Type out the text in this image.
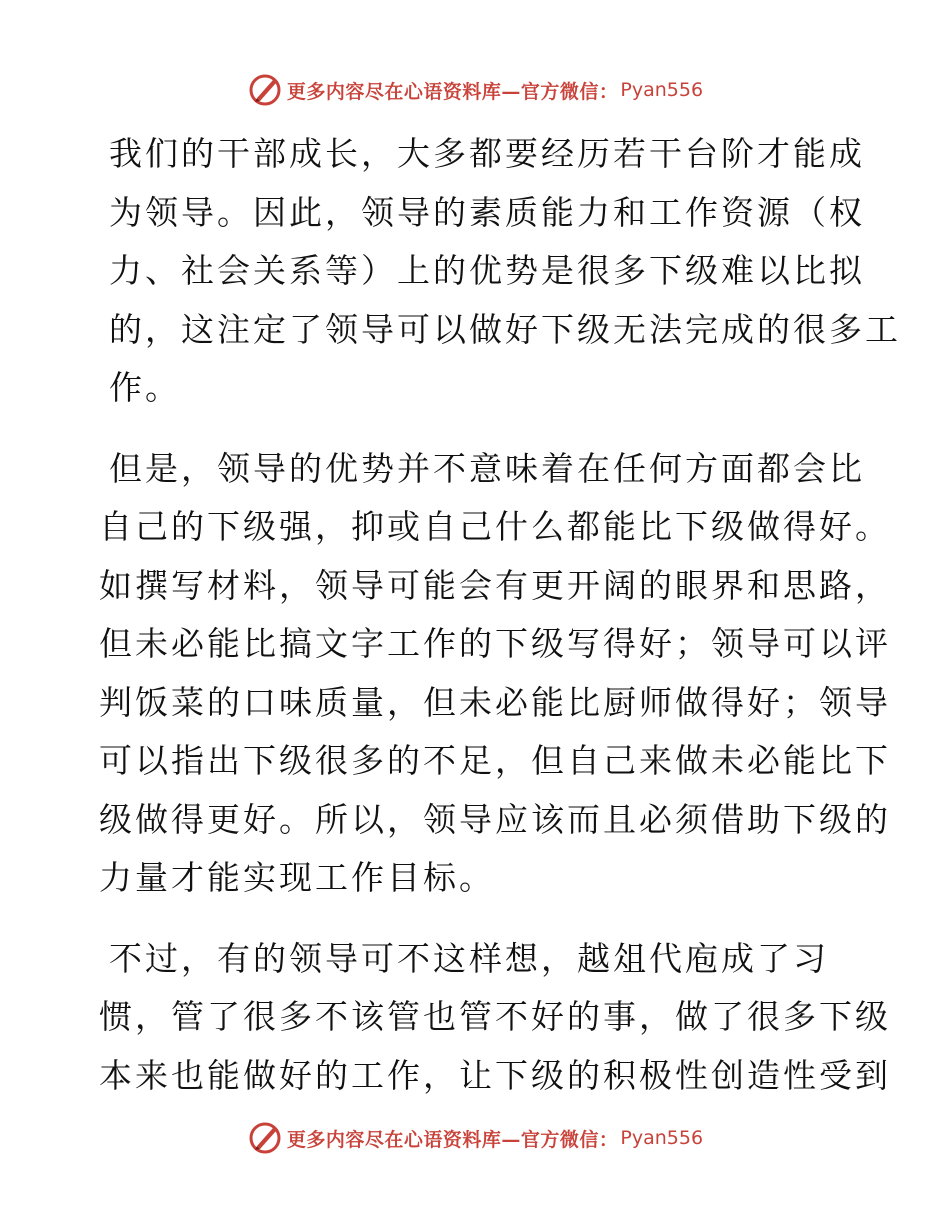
更多内容尽在心语资料库—官方微信： Pyan556

我们的干部成长，大多都要经历若干台阶才能成
为领导。因此，领导的素质能力和工作资源（权
力、社会关系等）上的优势是很多下级难以比拟
的，这注定了领导可以做好下级无法完成的很多工
作。

但是，领导的优势并不意味着在任何方面都会比
自己的下级强，抑或自己什么都能比下级做得好。
如撰写材料，领导可能会有更开阔的眼界和思路，
但未必能比搞文字工作的下级写得好；领导可以评
判饭菜的口味质量，但未必能比厨师做得好；领导
可以指出下级很多的不足，但自己来做未必能比下
级做得更好。所以，领导应该而且必须借助下级的
力量才能实现工作目标。

不过，有的领导可不这样想，越俎代庖成了习
惯，管了很多不该管也管不好的事，做了很多下级
本来也能做好的工作，让下级的积极性创造性受到

更多内容尽在心语资料库—官方微信： Pyan556
